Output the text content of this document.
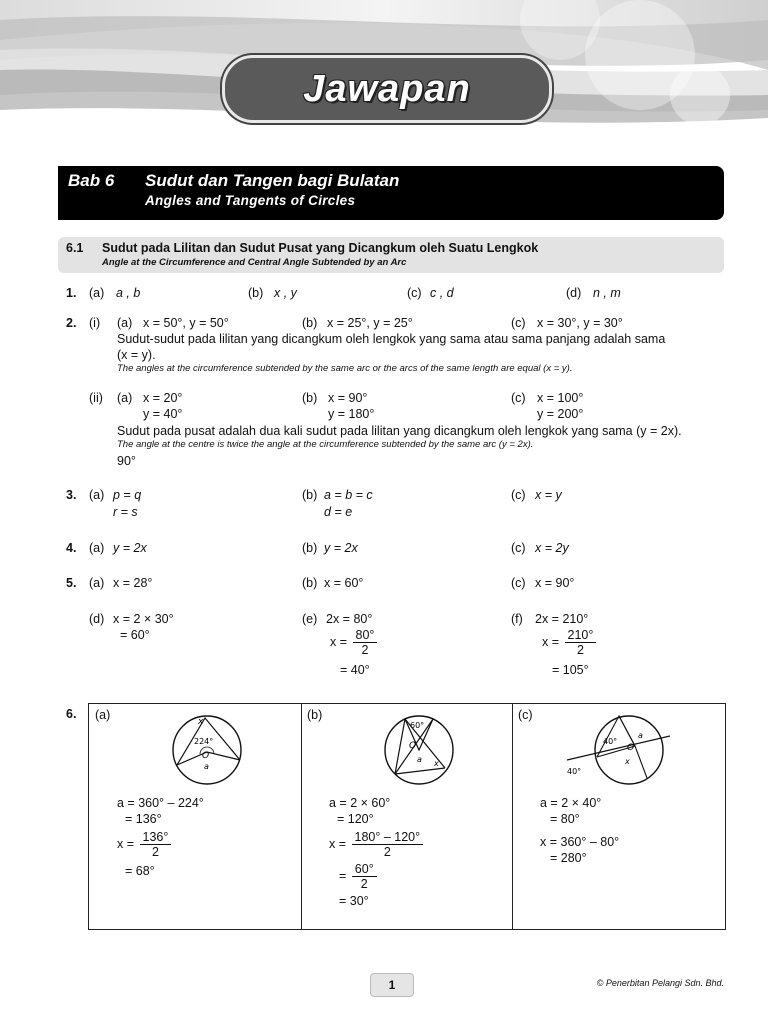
Jawapan
Bab 6 Sudut dan Tangen bagi Bulatan
Angles and Tangents of Circles
6.1 Sudut pada Lilitan dan Sudut Pusat yang Dicangkum oleh Suatu Lengkok
Angle at the Circumference and Central Angle Subtended by an Arc
1. (a) a , b	(b) x , y	(c) c , d	(d) n , m
2. (i) (a) x = 50°, y = 50°	(b) x = 25°, y = 25°	(c) x = 30°, y = 30°
Sudut-sudut pada lilitan yang dicangkum oleh lengkok yang sama atau sama panjang adalah sama
(x = y).
The angles at the circumference subtended by the same arc or the arcs of the same length are equal (x = y).
(ii) (a) x = 20°
y = 40°
(b) x = 90°
y = 180°
(c) x = 100°
y = 200°
Sudut pada pusat adalah dua kali sudut pada lilitan yang dicangkum oleh lengkok yang sama (y = 2x).
The angle at the centre is twice the angle at the circumference subtended by the same arc (y = 2x).
90°
3. (a) p = q
r = s
(b) a = b = c
d = e
(c) x = y
4. (a) y = 2x	(b) y = 2x	(c) x = 2y
5. (a) x = 28°	(b) x = 60°	(c) x = 90°
(d) x = 2 × 30°
= 60°
(e) 2x = 80°
$x = \frac{80^\circ}{2}$
= 40°
(f) 2x = 210°
$x = \frac{210^\circ}{2}$
= 105°
6. (a)	x
224°
O
a
a = 360° – 224°
= 136°
$x = \frac{136^\circ}{2}$
= 68°
(b)
60°
O
a x
a = 2 × 60°
= 120°
$x = \frac{180^\circ - 120^\circ}{2}$
= $\frac{60^\circ}{2}$
= 30°
(c)
40°
40°
O
a
x
a = 2 × 40°
= 80°
x = 360° – 80°
= 280°
1	© Penerbitan Pelangi Sdn. Bhd.
